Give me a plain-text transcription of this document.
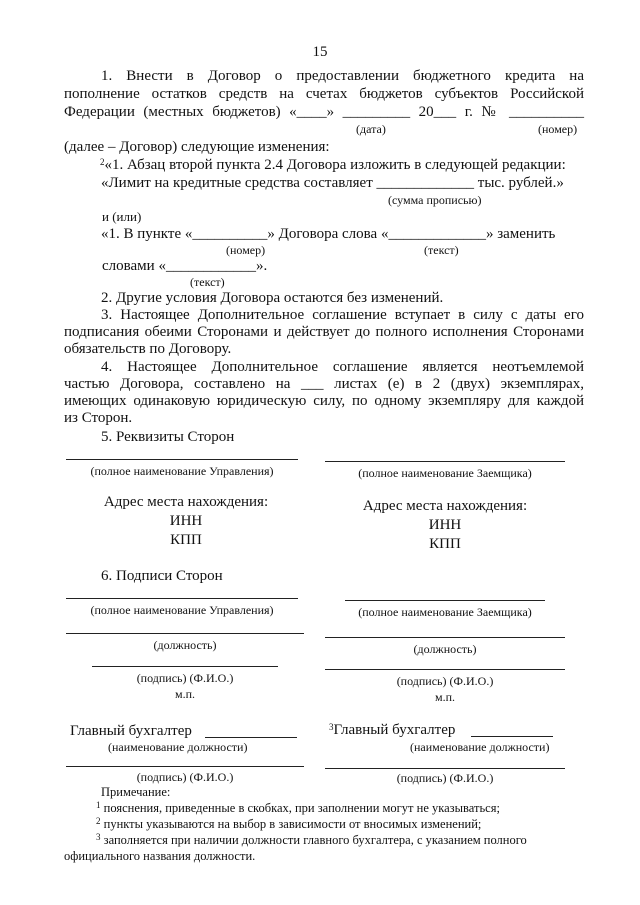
15
1. Внести в Договор о предоставлении бюджетного кредита на
пополнение остатков средств на счетах бюджетов субъектов Российской
Федерации (местных бюджетов) «____» _________ 20___ г. № __________
(дата)	(номер)
(далее – Договор) следующие изменения:
$^2$«1. Абзац второй пункта 2.4 Договора изложить в следующей редакции:
«Лимит на кредитные средства составляет _____________ тыс. рублей.»
(сумма прописью)
и (или)
«1. В пункте «__________» Договора слова «_____________» заменить
(номер)	(текст)
словами «____________».
(текст)
2. Другие условия Договора остаются без изменений.
3. Настоящее Дополнительное соглашение вступает в силу с даты его
подписания обеими Сторонами и действует до полного исполнения Сторонами
обязательств по Договору.
4. Настоящее Дополнительное соглашение является неотъемлемой
частью Договора, составлено на ___ листах (е) в 2 (двух) экземплярах,
имеющих одинаковую юридическую силу, по одному экземпляру для каждой
из Сторон.
5. Реквизиты Сторон
(полное наименование Управления)	(полное наименование Заемщика)
Адрес места нахождения:
ИНН
КПП
Адрес места нахождения:
ИНН
КПП
6. Подписи Сторон
(полное наименование Управления)	(полное наименование Заемщика)
(должность)	(должность)
(подпись) (Ф.И.О.)	(подпись) (Ф.И.О.)
м.п.	м.п.
Главный бухгалтер	$^3$Главный бухгалтер
(наименование должности)	(наименование должности)
(подпись) (Ф.И.О.)	(подпись) (Ф.И.О.)
Примечание:
$^1$ пояснения, приведенные в скобках, при заполнении могут не указываться;
$^2$ пункты указываются на выбор в зависимости от вносимых изменений;
$^3$ заполняется при наличии должности главного бухгалтера, с указанием полного
официального названия должности.
